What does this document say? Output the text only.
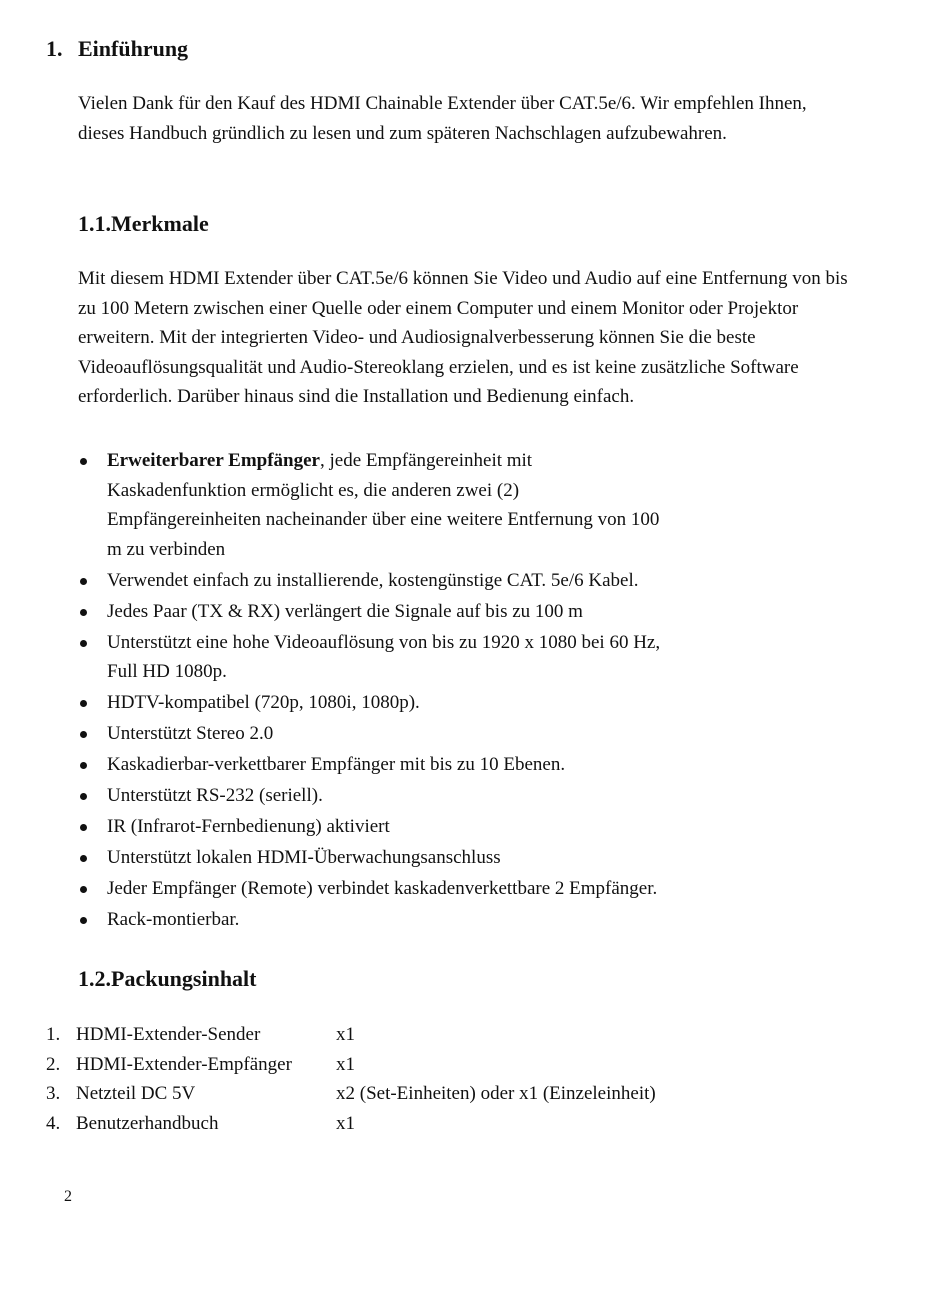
1. Einführung
Vielen Dank für den Kauf des HDMI Chainable Extender über CAT.5e/6. Wir empfehlen Ihnen,
dieses Handbuch gründlich zu lesen und zum späteren Nachschlagen aufzubewahren.
1.1.Merkmale
Mit diesem HDMI Extender über CAT.5e/6 können Sie Video und Audio auf eine Entfernung von bis
zu 100 Metern zwischen einer Quelle oder einem Computer und einem Monitor oder Projektor
erweitern. Mit der integrierten Video- und Audiosignalverbesserung können Sie die beste
Videoauflösungsqualität und Audio-Stereoklang erzielen, und es ist keine zusätzliche Software
erforderlich. Darüber hinaus sind die Installation und Bedienung einfach.
Erweiterbarer Empfänger, jede Empfängereinheit mit
Kaskadenfunktion ermöglicht es, die anderen zwei (2)
Empfängereinheiten nacheinander über eine weitere Entfernung von 100
m zu verbinden
Verwendet einfach zu installierende, kostengünstige CAT. 5e/6 Kabel.
Jedes Paar (TX & RX) verlängert die Signale auf bis zu 100 m
Unterstützt eine hohe Videoauflösung von bis zu 1920 x 1080 bei 60 Hz,
Full HD 1080p.
HDTV-kompatibel (720p, 1080i, 1080p).
Unterstützt Stereo 2.0
Kaskadierbar-verkettbarer Empfänger mit bis zu 10 Ebenen.
Unterstützt RS-232 (seriell).
IR (Infrarot-Fernbedienung) aktiviert
Unterstützt lokalen HDMI-Überwachungsanschluss
Jeder Empfänger (Remote) verbindet kaskadenverkettbare 2 Empfänger.
Rack-montierbar.
1.2.Packungsinhalt
1. HDMI-Extender-Sender	x1
2. HDMI-Extender-Empfänger	x1
3. Netzteil DC 5V	x2 (Set-Einheiten) oder x1 (Einzeleinheit)
4. Benutzerhandbuch	x1
2
